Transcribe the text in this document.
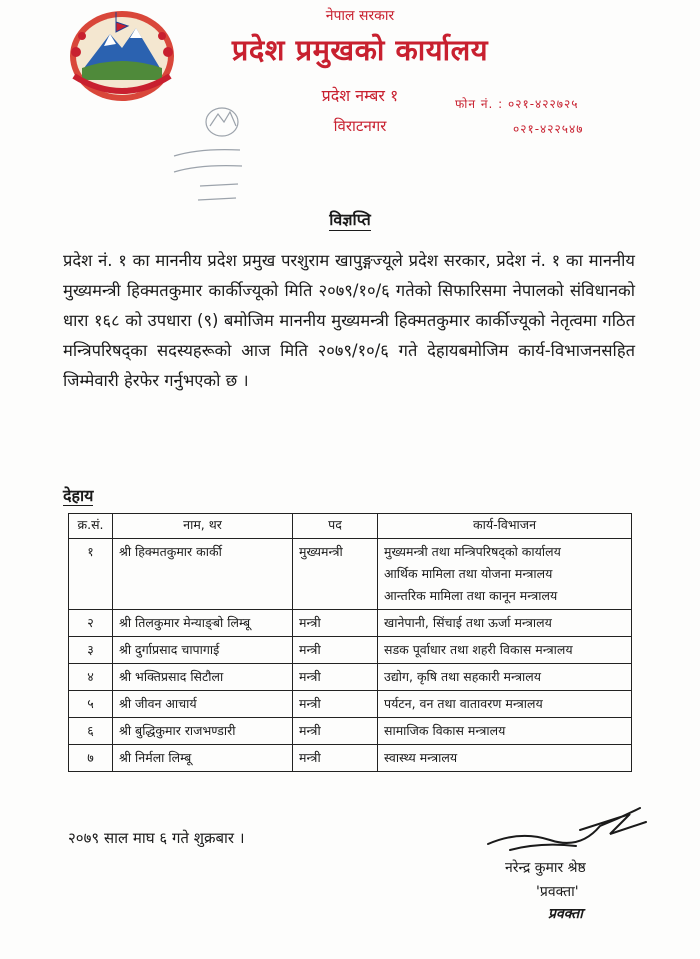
नेपाल सरकार
प्रदेश प्रमुखको कार्यालय
प्रदेश नम्बर १
विराटनगर
फोन नं. : ०२१-४२२७२५
०२१-४२२५४७
विज्ञप्ति

प्रदेश नं. १ का माननीय प्रदेश प्रमुख परशुराम खापुङ्गज्यूले प्रदेश सरकार, प्रदेश नं. १ का माननीय मुख्यमन्त्री हिक्मतकुमार कार्कीज्यूको मिति २०७९/१०/६ गतेको सिफारिसमा नेपालको संविधानको धारा १६८ को उपधारा (९) बमोजिम माननीय मुख्यमन्त्री हिक्मतकुमार कार्कीज्यूको नेतृत्वमा गठित मन्त्रिपरिषद्का सदस्यहरूको आज मिति २०७९/१०/६ गते देहायबमोजिम कार्य-विभाजनसहित जिम्मेवारी हेरफेर गर्नुभएको छ ।

देहाय
क्र.सं.	नाम, थर	पद	कार्य-विभाजन
१	श्री हिक्मतकुमार कार्की	मुख्यमन्त्री	मुख्यमन्त्री तथा मन्त्रिपरिषद्को कार्यालय
आर्थिक मामिला तथा योजना मन्त्रालय
आन्तरिक मामिला तथा कानून मन्त्रालय

२	श्री तिलकुमार मेन्याङ्बो लिम्बू	मन्त्री	खानेपानी, सिंचाई तथा ऊर्जा मन्त्रालय

३	श्री दुर्गाप्रसाद चापागाई	मन्त्री	सडक पूर्वाधार तथा शहरी विकास मन्त्रालय

४	श्री भक्तिप्रसाद सिटौला	मन्त्री	उद्योग, कृषि तथा सहकारी मन्त्रालय

५	श्री जीवन आचार्य	मन्त्री	पर्यटन, वन तथा वातावरण मन्त्रालय

६	श्री बुद्धिकुमार राजभण्डारी	मन्त्री	सामाजिक विकास मन्त्रालय

७	श्री निर्मला लिम्बू	मन्त्री	स्वास्थ्य मन्त्रालय
२०७९ साल माघ ६ गते शुक्रबार ।
नरेन्द्र कुमार श्रेष्ठ
'प्रवक्ता'
प्रवक्ता
